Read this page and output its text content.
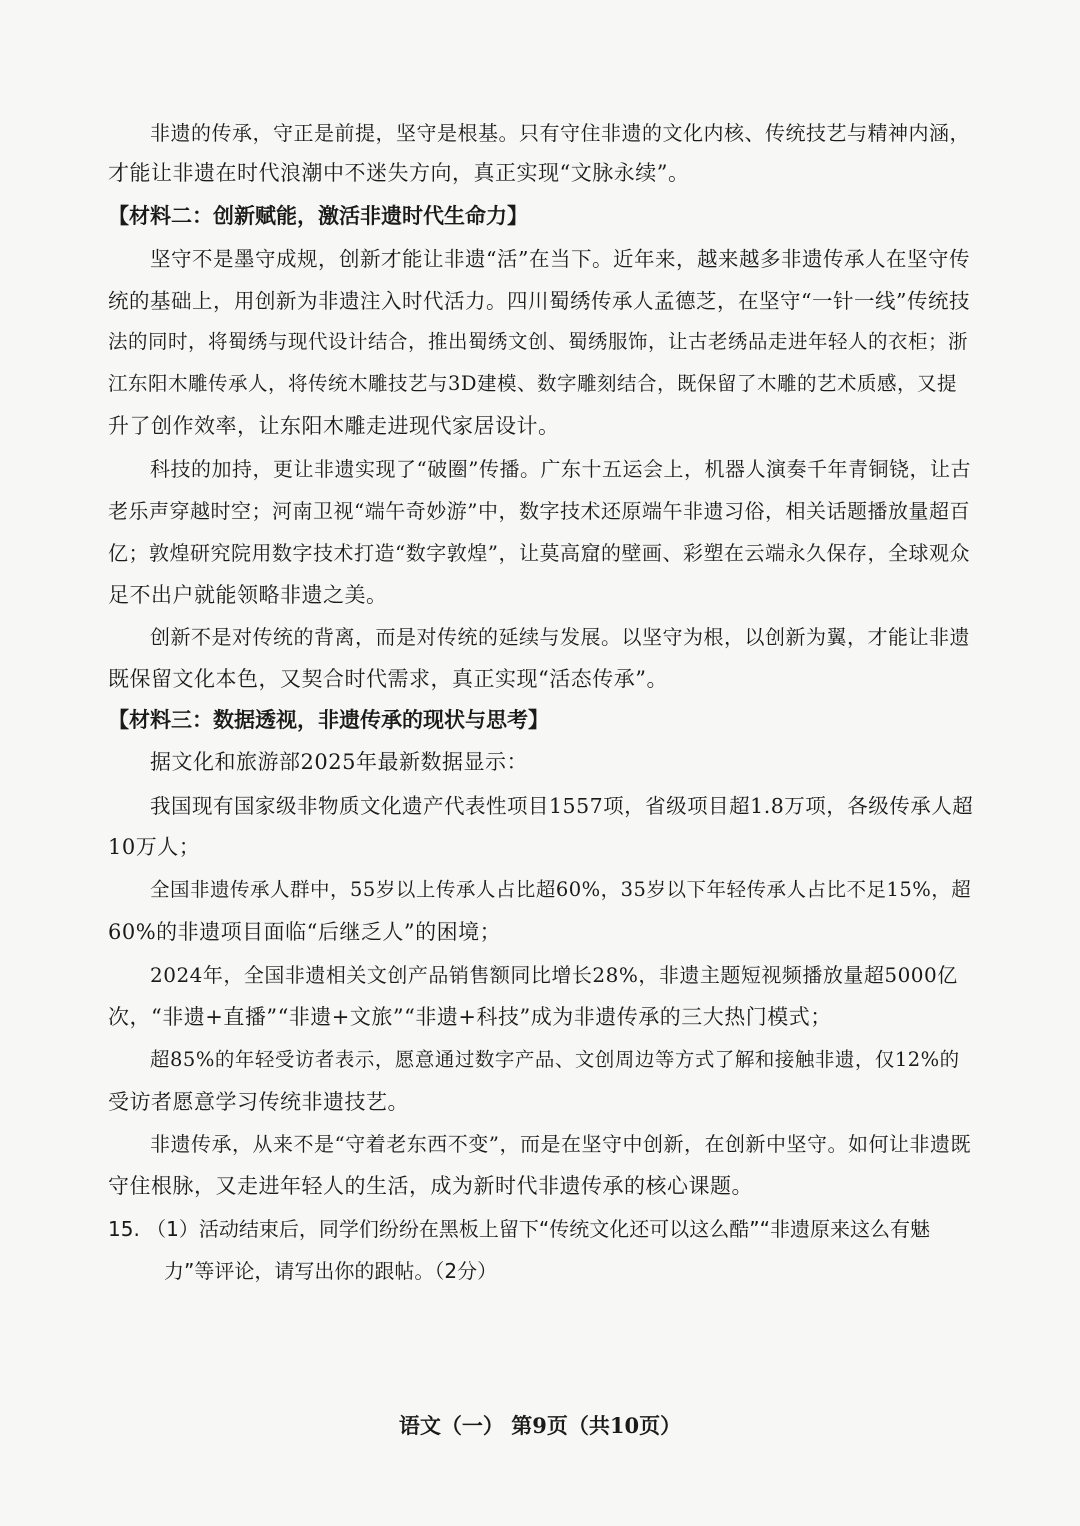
非遗的传承，守正是前提，坚守是根基。只有守住非遗的文化内核、传统技艺与精神内涵，
才能让非遗在时代浪潮中不迷失方向，真正实现“文脉永续”。
【材料二：创新赋能，激活非遗时代生命力】
坚守不是墨守成规，创新才能让非遗“活”在当下。近年来，越来越多非遗传承人在坚守传
统的基础上，用创新为非遗注入时代活力。四川蜀绣传承人孟德芝，在坚守“一针一线”传统技
法的同时，将蜀绣与现代设计结合，推出蜀绣文创、蜀绣服饰，让古老绣品走进年轻人的衣柜；浙
江东阳木雕传承人，将传统木雕技艺与3D建模、数字雕刻结合，既保留了木雕的艺术质感，又提
升了创作效率，让东阳木雕走进现代家居设计。
科技的加持，更让非遗实现了“破圈”传播。广东十五运会上，机器人演奏千年青铜铙，让古
老乐声穿越时空；河南卫视“端午奇妙游”中，数字技术还原端午非遗习俗，相关话题播放量超百
亿；敦煌研究院用数字技术打造“数字敦煌”，让莫高窟的壁画、彩塑在云端永久保存，全球观众
足不出户就能领略非遗之美。
创新不是对传统的背离，而是对传统的延续与发展。以坚守为根，以创新为翼，才能让非遗
既保留文化本色，又契合时代需求，真正实现“活态传承”。
【材料三：数据透视，非遗传承的现状与思考】
据文化和旅游部2025年最新数据显示：
我国现有国家级非物质文化遗产代表性项目1557项，省级项目超1.8万项，各级传承人超
10万人；
全国非遗传承人群中，55岁以上传承人占比超60%，35岁以下年轻传承人占比不足15%，超
60%的非遗项目面临“后继乏人”的困境；
2024年，全国非遗相关文创产品销售额同比增长28%，非遗主题短视频播放量超5000亿
次，“非遗+直播”“非遗+文旅”“非遗+科技”成为非遗传承的三大热门模式；
超85%的年轻受访者表示，愿意通过数字产品、文创周边等方式了解和接触非遗，仅12%的
受访者愿意学习传统非遗技艺。
非遗传承，从来不是“守着老东西不变”，而是在坚守中创新，在创新中坚守。如何让非遗既
守住根脉，又走进年轻人的生活，成为新时代非遗传承的核心课题。
15. （1）活动结束后，同学们纷纷在黑板上留下“传统文化还可以这么酷”“非遗原来这么有魅
力”等评论，请写出你的跟帖。（2分）
语文（一） 第9页（共10页）
